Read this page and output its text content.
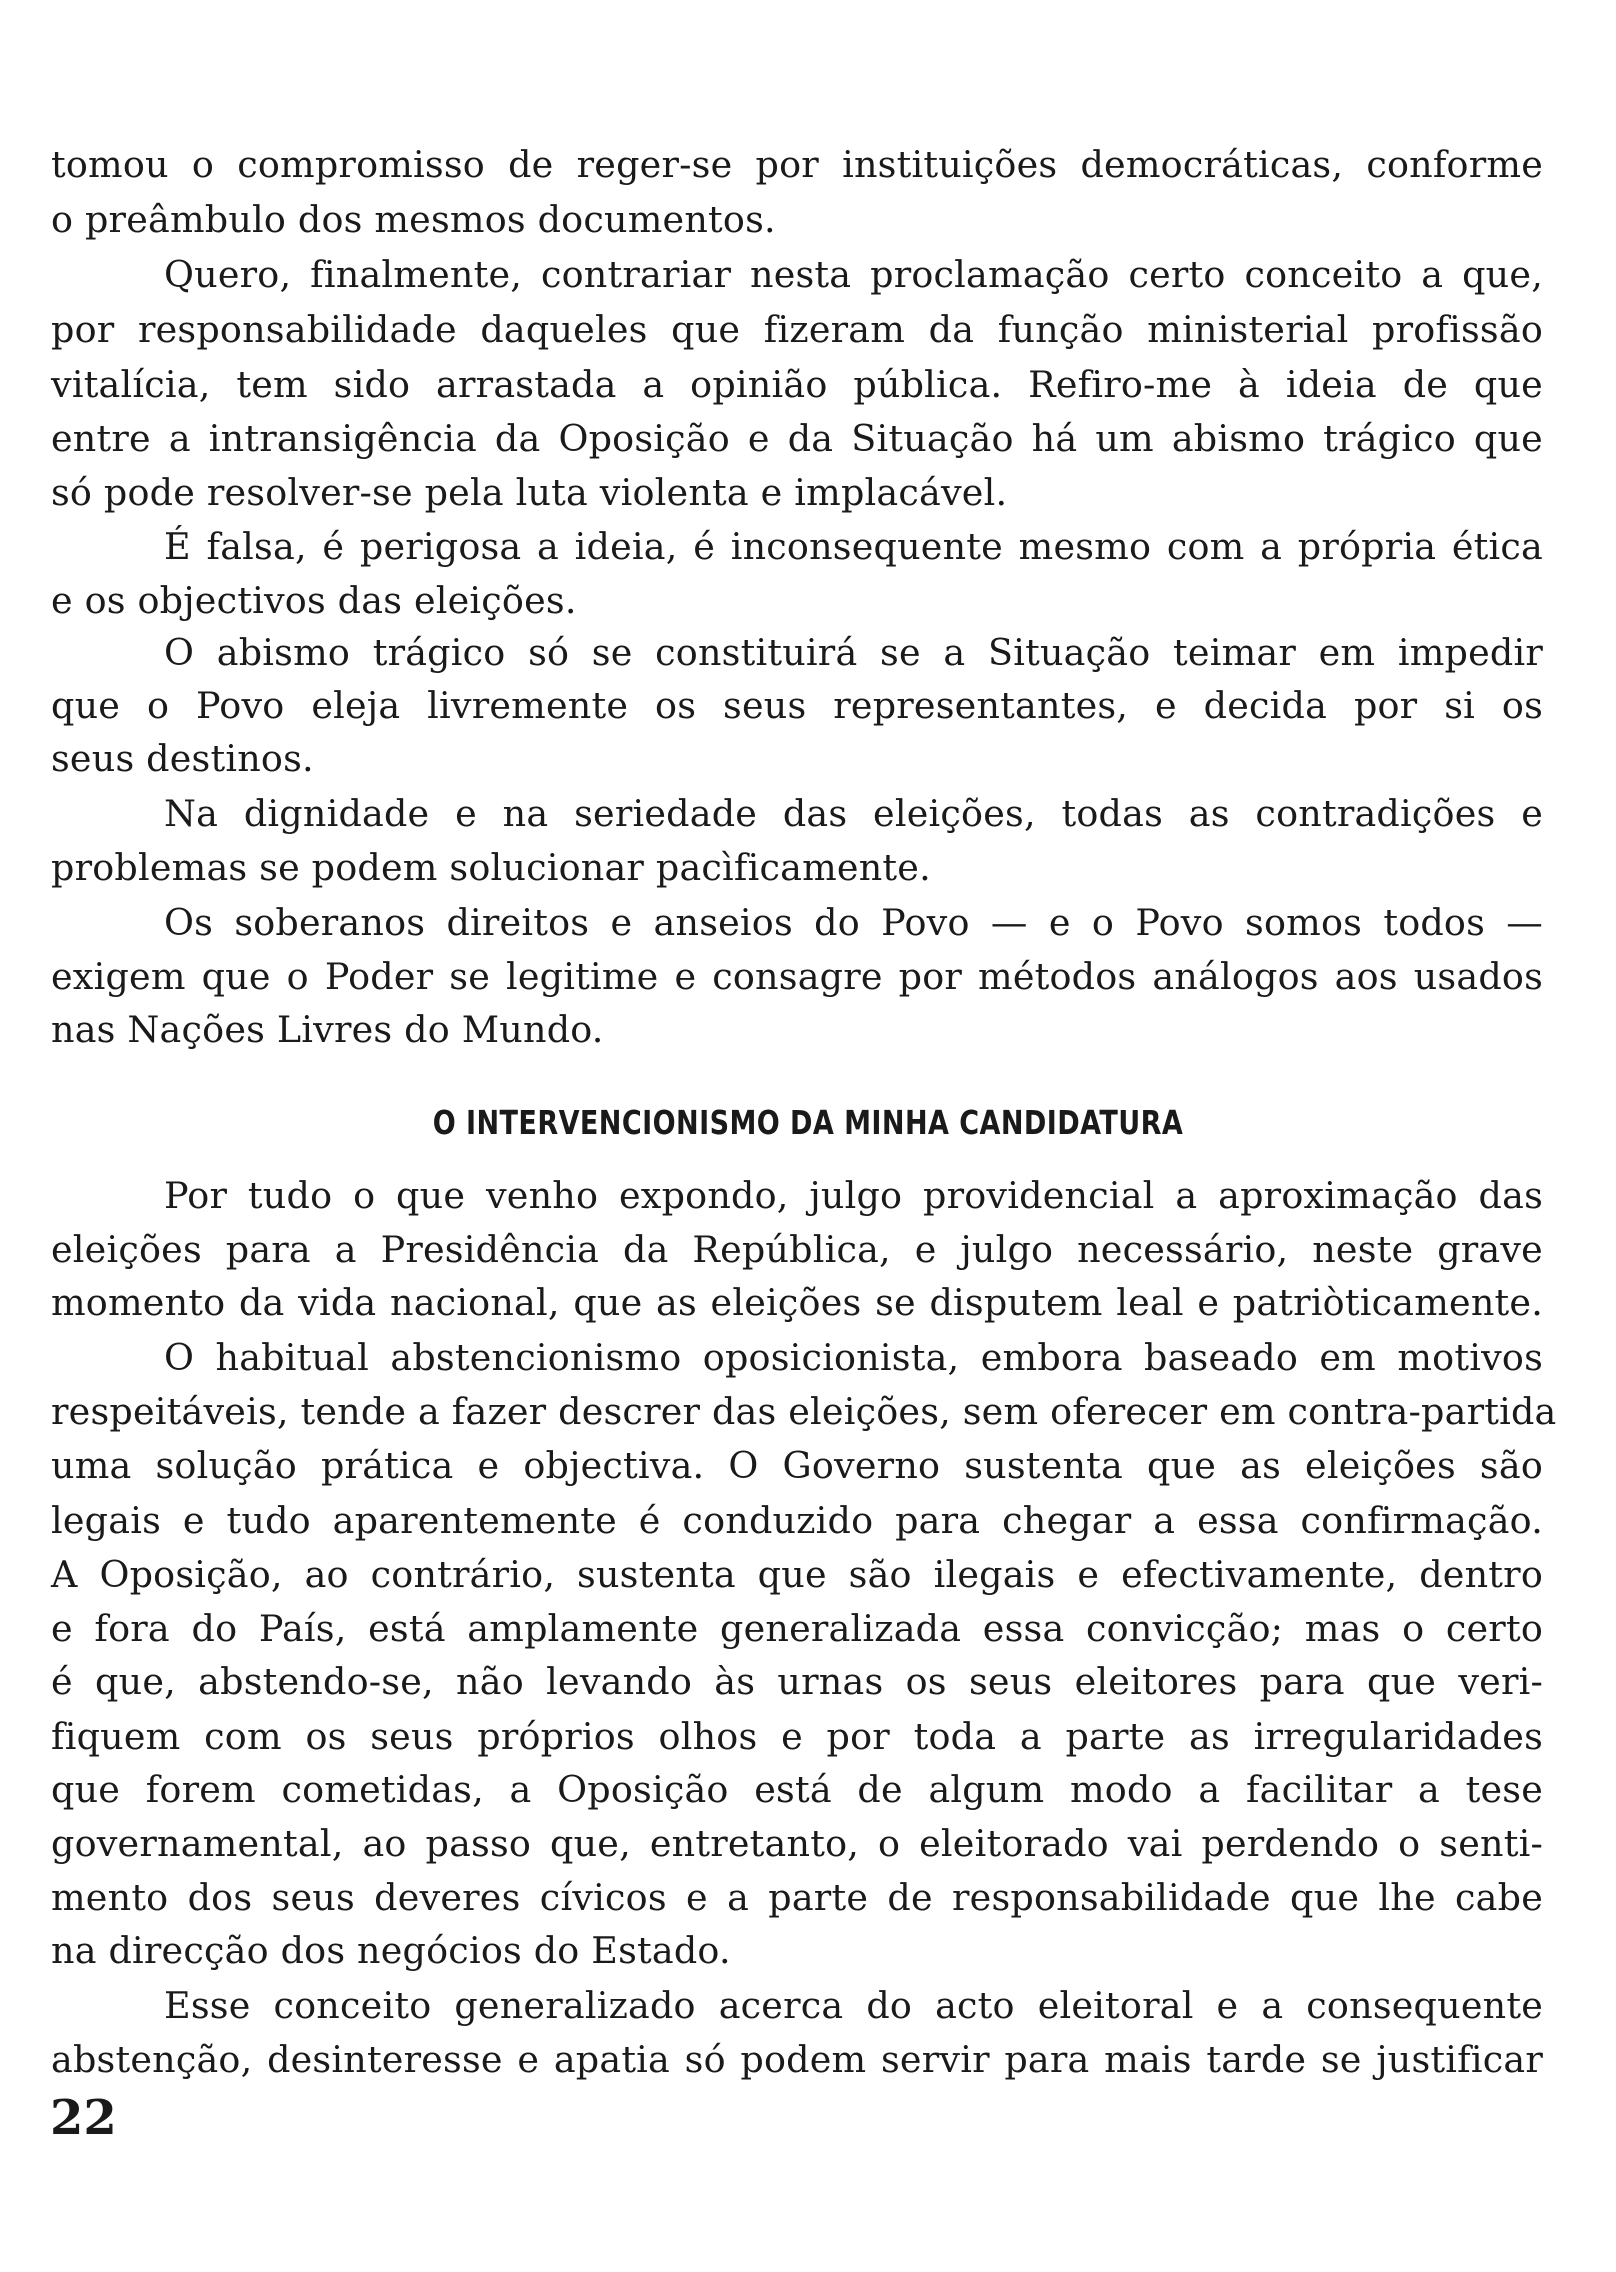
tomou o compromisso de reger-se por instituições democráticas, conforme
o preâmbulo dos mesmos documentos.
Quero, finalmente, contrariar nesta proclamação certo conceito a que,
por responsabilidade daqueles que fizeram da função ministerial profissão
vitalícia, tem sido arrastada a opinião pública. Refiro-me à ideia de que
entre a intransigência da Oposição e da Situação há um abismo trágico que
só pode resolver-se pela luta violenta e implacável.
É falsa, é perigosa a ideia, é inconsequente mesmo com a própria ética
e os objectivos das eleições.
O abismo trágico só se constituirá se a Situação teimar em impedir
que o Povo eleja livremente os seus representantes, e decida por si os
seus destinos.
Na dignidade e na seriedade das eleições, todas as contradições e
problemas se podem solucionar pacìficamente.
Os soberanos direitos e anseios do Povo — e o Povo somos todos —
exigem que o Poder se legitime e consagre por métodos análogos aos usados
nas Nações Livres do Mundo.
O INTERVENCIONISMO DA MINHA CANDIDATURA
Por tudo o que venho expondo, julgo providencial a aproximação das
eleições para a Presidência da República, e julgo necessário, neste grave
momento da vida nacional, que as eleições se disputem leal e patriòticamente.
O habitual abstencionismo oposicionista, embora baseado em motivos
respeitáveis, tende a fazer descrer das eleições, sem oferecer em contra-partida
uma solução prática e objectiva. O Governo sustenta que as eleições são
legais e tudo aparentemente é conduzido para chegar a essa confirmação.
A Oposição, ao contrário, sustenta que são ilegais e efectivamente, dentro
e fora do País, está amplamente generalizada essa convicção; mas o certo
é que, abstendo-se, não levando às urnas os seus eleitores para que veri-
fiquem com os seus próprios olhos e por toda a parte as irregularidades
que forem cometidas, a Oposição está de algum modo a facilitar a tese
governamental, ao passo que, entretanto, o eleitorado vai perdendo o senti-
mento dos seus deveres cívicos e a parte de responsabilidade que lhe cabe
na direcção dos negócios do Estado.
Esse conceito generalizado acerca do acto eleitoral e a consequente
abstenção, desinteresse e apatia só podem servir para mais tarde se justificar
22
